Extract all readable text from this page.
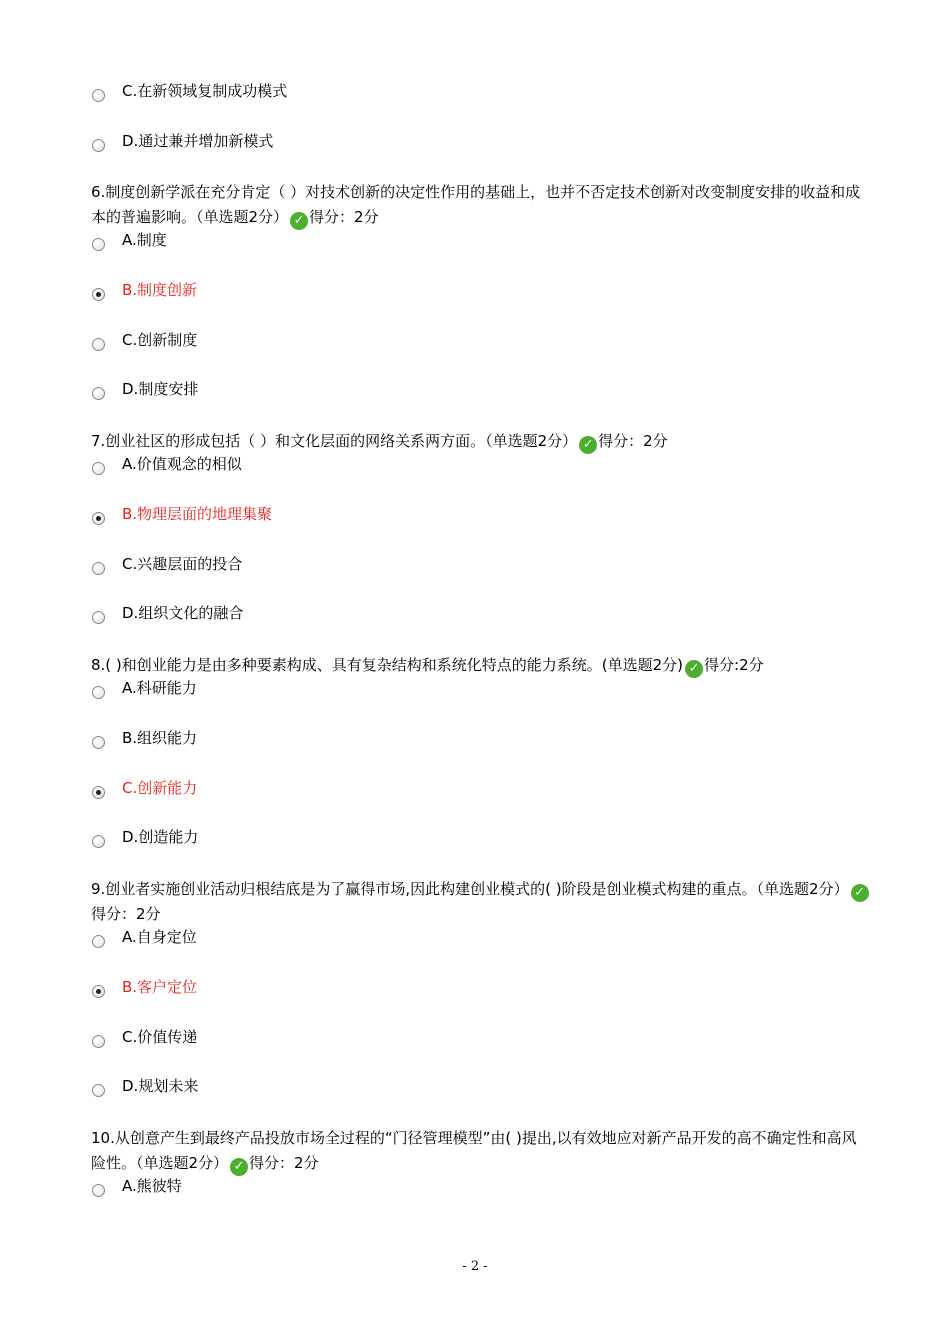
C.在新领域复制成功模式
D.通过兼并增加新模式
6.制度创新学派在充分肯定（ ）对技术创新的决定性作用的基础上，也并不否定技术创新对改变制度安排的收益和成本的普遍影响。（单选题2分） ✓ 得分：2分
A.制度
B.制度创新
C.创新制度
D.制度安排
7.创业社区的形成包括（ ）和文化层面的网络关系两方面。（单选题2分） ✓ 得分：2分
A.价值观念的相似
B.物理层面的地理集聚
C.兴趣层面的投合
D.组织文化的融合
8.( )和创业能力是由多种要素构成、具有复杂结构和系统化特点的能力系统。(单选题2分) ✓ 得分:2分
A.科研能力
B.组织能力
C.创新能力
D.创造能力
9.创业者实施创业活动归根结底是为了赢得市场,因此构建创业模式的( )阶段是创业模式构建的重点。（单选题2分） ✓得分：2分
A.自身定位
B.客户定位
C.价值传递
D.规划未来
10.从创意产生到最终产品投放市场全过程的“门径管理模型”由( )提出,以有效地应对新产品开发的高不确定性和高风险性。（单选题2分） ✓ 得分：2分
A.熊彼特
- 2 -
